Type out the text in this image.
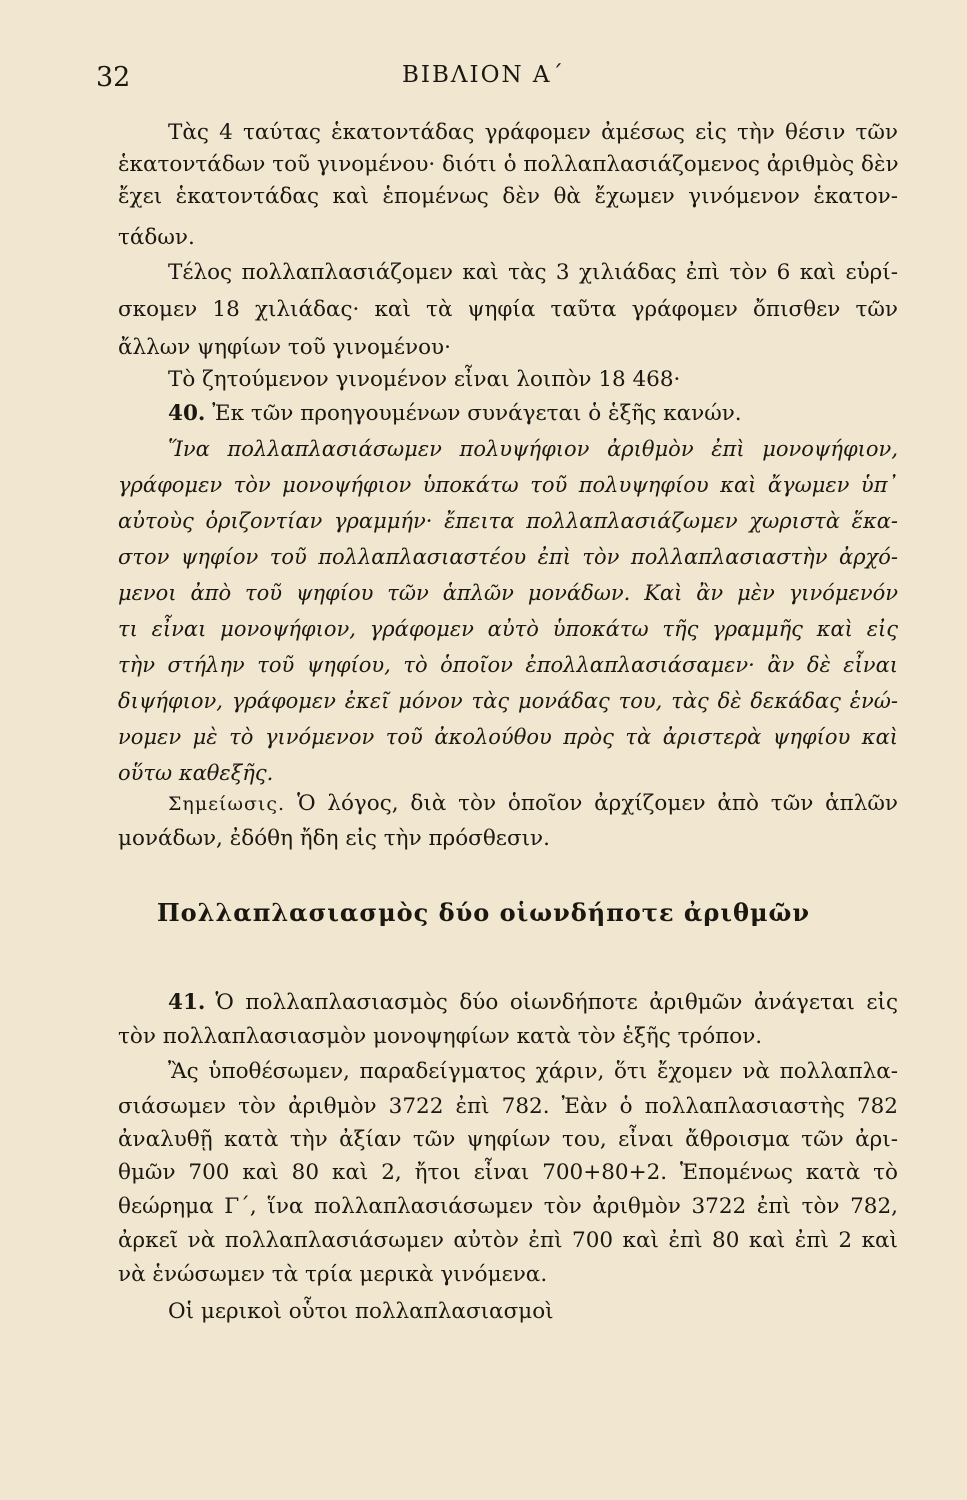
32	ΒΙΒΛΙΟΝ Α΄
Τὰς 4 ταύτας ἑκατοντάδας γράφομεν ἀμέσως εἰς τὴν θέσιν τῶν
ἑκατοντάδων τοῦ γινομένου· διότι ὁ πολλαπλασιάζομενος ἀριθμὸς δὲν
ἔχει ἑκατοντάδας καὶ ἑπομένως δὲν θὰ ἔχωμεν γινόμενον ἑκατον-
τάδων.
Τέλος πολλαπλασιάζομεν καὶ τὰς 3 χιλιάδας ἐπὶ τὸν 6 καὶ εὑρί-
σκομεν 18 χιλιάδας· καὶ τὰ ψηφία ταῦτα γράφομεν ὄπισθεν τῶν
ἄλλων ψηφίων τοῦ γινομένου·
Τὸ ζητούμενον γινομένον εἶναι λοιπὸν 18 468·
40. Ἐκ τῶν προηγουμένων συνάγεται ὁ ἑξῆς κανών.
Ἵνα πολλαπλασιάσωμεν πολυψήφιον ἀριθμὸν ἐπὶ μονοψήφιον,
γράφομεν τὸν μονοψήφιον ὑποκάτω τοῦ πολυψηφίου καὶ ἄγωμεν ὑπ᾽
αὐτοὺς ὁριζοντίαν γραμμήν· ἔπειτα πολλαπλασιάζωμεν χωριστὰ ἕκα-
στον ψηφίον τοῦ πολλαπλασιαστέου ἐπὶ τὸν πολλαπλασιαστὴν ἀρχό-
μενοι ἀπὸ τοῦ ψηφίου τῶν ἁπλῶν μονάδων. Καὶ ἂν μὲν γινόμενόν
τι εἶναι μονοψήφιον, γράφομεν αὐτὸ ὑποκάτω τῆς γραμμῆς καὶ εἰς
τὴν στήλην τοῦ ψηφίου, τὸ ὁποῖον ἐπολλαπλασιάσαμεν· ἂν δὲ εἶναι
διψήφιον, γράφομεν ἐκεῖ μόνον τὰς μονάδας του, τὰς δὲ δεκάδας ἑνώ-
νομεν μὲ τὸ γινόμενον τοῦ ἀκολούθου πρὸς τὰ ἀριστερὰ ψηφίου καὶ
οὕτω καθεξῆς.
Σημείωσις. Ὁ λόγος, διὰ τὸν ὁποῖον ἀρχίζομεν ἀπὸ τῶν ἁπλῶν
μονάδων, ἐδόθη ἤδη εἰς τὴν πρόσθεσιν.
Πολλαπλασιασμὸς δύο οἱωνδήποτε ἀριθμῶν
41. Ὁ πολλαπλασιασμὸς δύο οἱωνδήποτε ἀριθμῶν ἀνάγεται εἰς
τὸν πολλαπλασιασμὸν μονοψηφίων κατὰ τὸν ἑξῆς τρόπον.
Ἂς ὑποθέσωμεν, παραδείγματος χάριν, ὅτι ἔχομεν νὰ πολλαπλα-
σιάσωμεν τὸν ἀριθμὸν 3722 ἐπὶ 782. Ἐὰν ὁ πολλαπλασιαστὴς 782
ἀναλυθῇ κατὰ τὴν ἀξίαν τῶν ψηφίων του, εἶναι ἄθροισμα τῶν ἀρι-
θμῶν 700 καὶ 80 καὶ 2, ἤτοι εἶναι 700+80+2. Ἑπομένως κατὰ τὸ
θεώρημα Γ΄, ἵνα πολλαπλασιάσωμεν τὸν ἀριθμὸν 3722 ἐπὶ τὸν 782,
ἀρκεῖ νὰ πολλαπλασιάσωμεν αὐτὸν ἐπὶ 700 καὶ ἐπὶ 80 καὶ ἐπὶ 2 καὶ
νὰ ἑνώσωμεν τὰ τρία μερικὰ γινόμενα.
Οἱ μερικοὶ οὗτοι πολλαπλασιασμοὶ
